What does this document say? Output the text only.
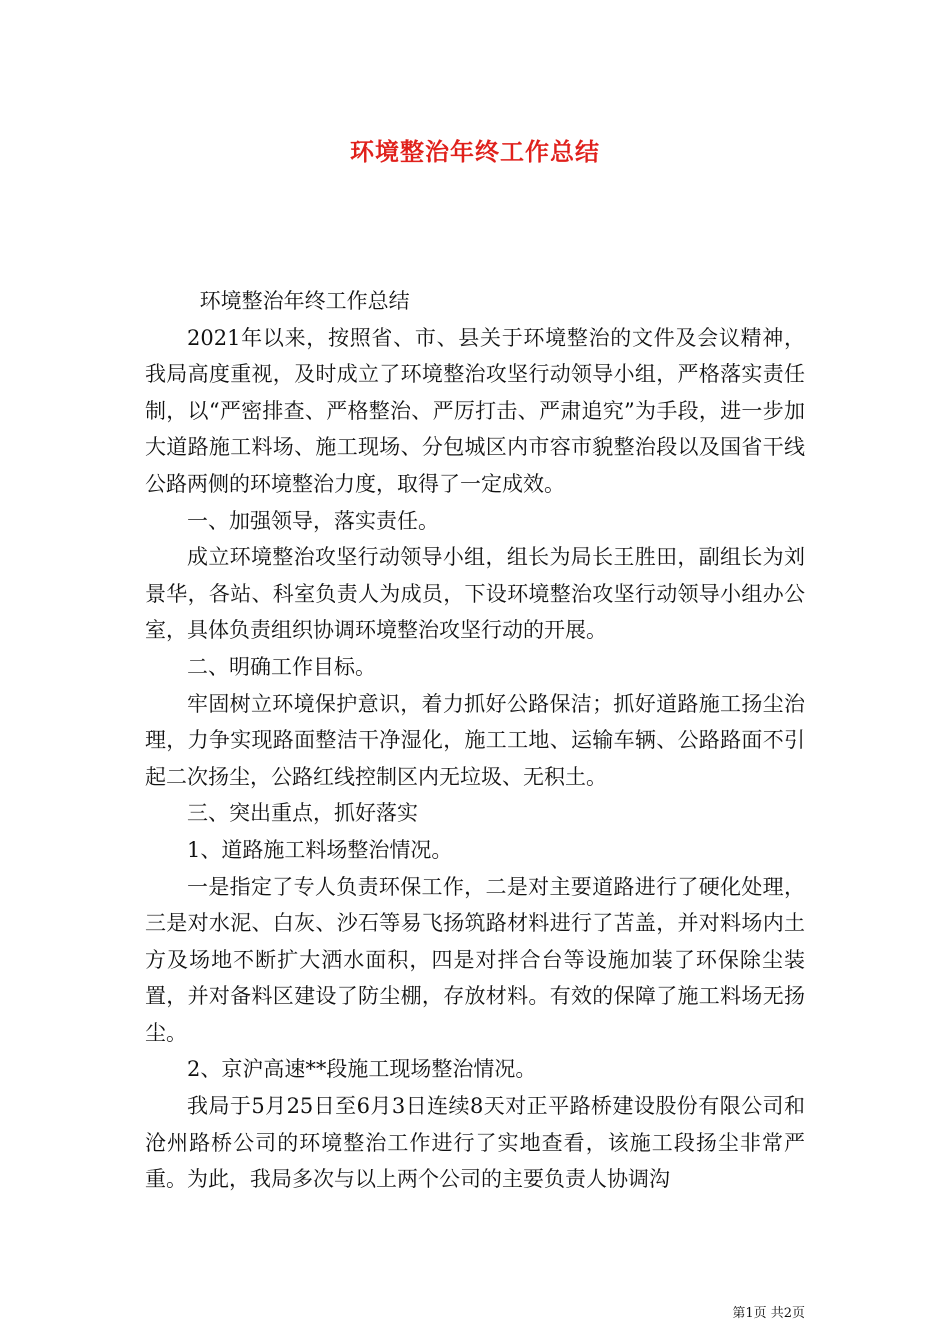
环境整治年终工作总结

环境整治年终工作总结

2021年以来，按照省、市、县关于环境整治的文件及会议精神，我局高度重视，及时成立了环境整治攻坚行动领导小组，严格落实责任制，以“严密排查、严格整治、严厉打击、严肃追究”为手段，进一步加大道路施工料场、施工现场、分包城区内市容市貌整治段以及国省干线公路两侧的环境整治力度，取得了一定成效。

一、加强领导，落实责任。

成立环境整治攻坚行动领导小组，组长为局长王胜田，副组长为刘景华，各站、科室负责人为成员，下设环境整治攻坚行动领导小组办公室，具体负责组织协调环境整治攻坚行动的开展。

二、明确工作目标。

牢固树立环境保护意识，着力抓好公路保洁；抓好道路施工扬尘治理，力争实现路面整洁干净湿化，施工工地、运输车辆、公路路面不引起二次扬尘，公路红线控制区内无垃圾、无积土。

三、突出重点，抓好落实

1、道路施工料场整治情况。

一是指定了专人负责环保工作，二是对主要道路进行了硬化处理，三是对水泥、白灰、沙石等易飞扬筑路材料进行了苫盖，并对料场内土方及场地不断扩大洒水面积，四是对拌合台等设施加装了环保除尘装置，并对备料区建设了防尘棚，存放材料。有效的保障了施工料场无扬尘。

2、京沪高速**段施工现场整治情况。

我局于5月25日至6月3日连续8天对正平路桥建设股份有限公司和沧州路桥公司的环境整治工作进行了实地查看，该施工段扬尘非常严重。为此，我局多次与以上两个公司的主要负责人协调沟

第1页 共2页
